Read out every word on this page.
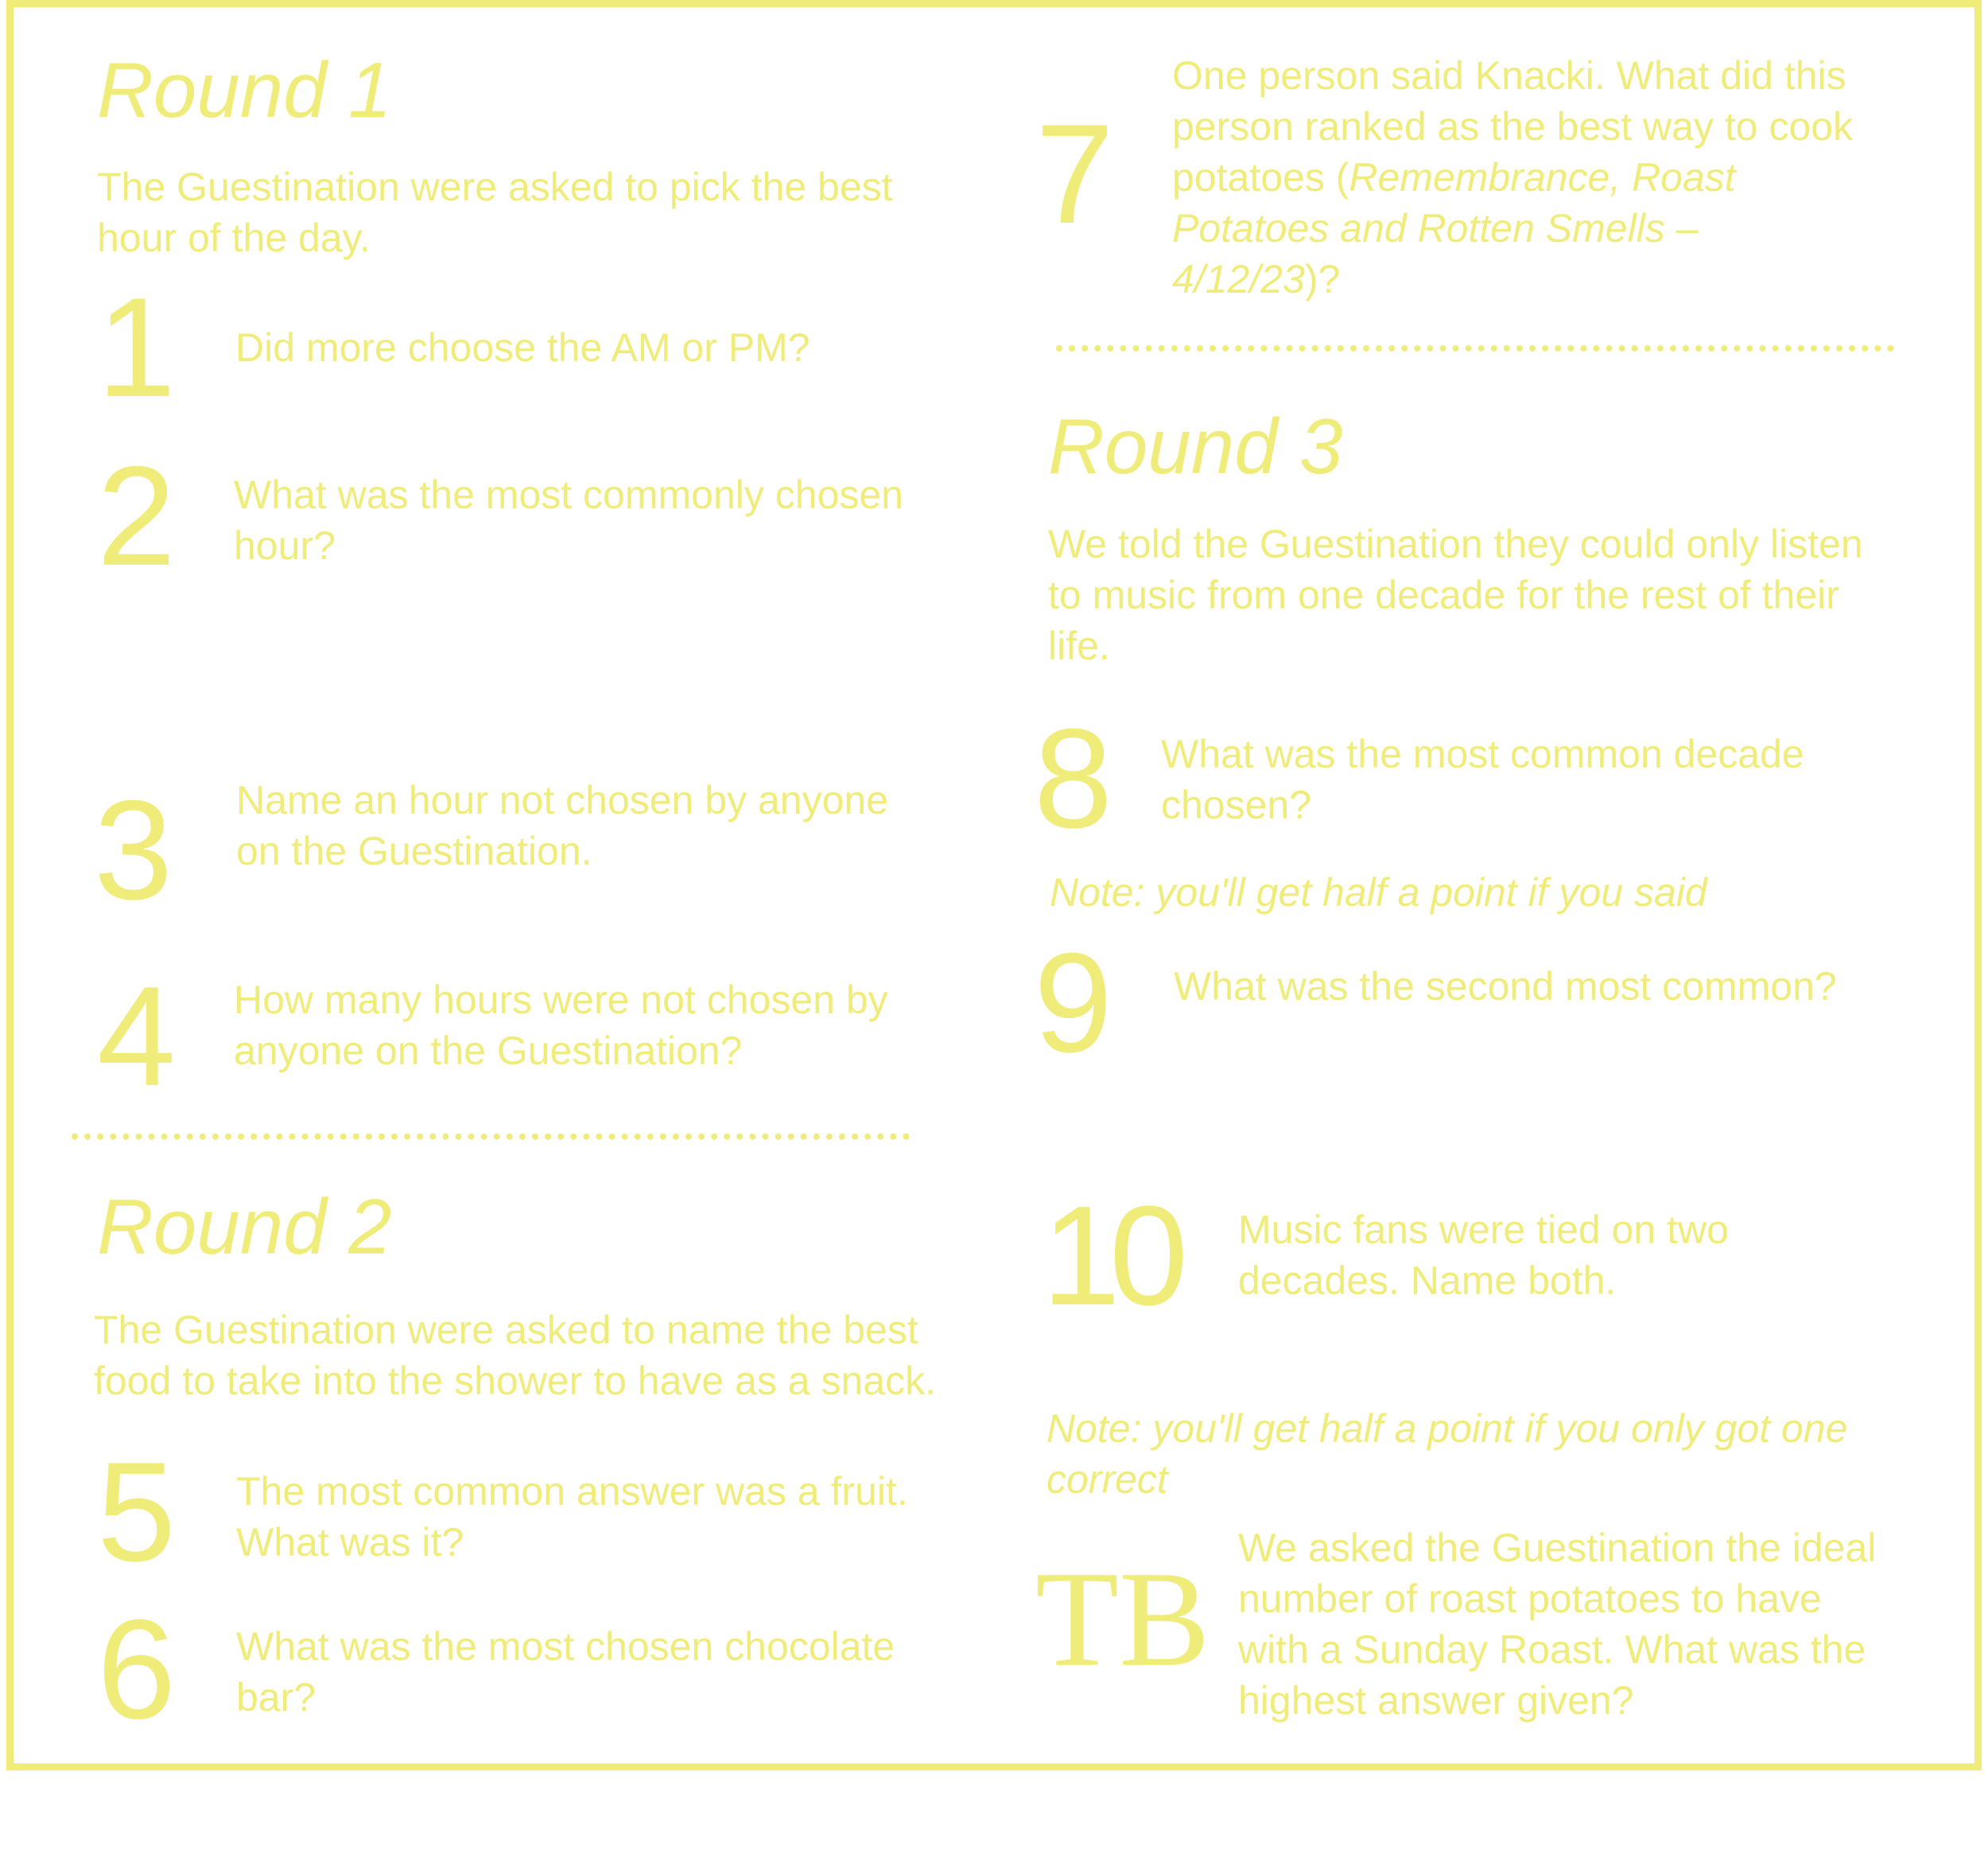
Round 1
The Guestination were asked to pick the best hour of the day.
1 Did more choose the AM or PM?
2 What was the most commonly chosen hour?
3 Name an hour not chosen by anyone on the Guestination.
4 How many hours were not chosen by anyone on the Guestination?
Round 2
The Guestination were asked to name the best food to take into the shower to have as a snack.
5 The most common answer was a fruit. What was it?
6 What was the most chosen chocolate bar?
7
One person said Knacki. What did this person ranked as the best way to cook potatoes (Remembrance, Roast Potatoes and Rotten Smells – 4/12/23)?
Round 3
We told the Guestination they could only listen to music from one decade for the rest of their life.
8 What was the most common decade chosen?
Note: you'll get half a point if you said
9 What was the second most common?
10 Music fans were tied on two decades. Name both.
Note: you'll get half a point if you only got one correct
TB We asked the Guestination the ideal number of roast potatoes to have with a Sunday Roast. What was the highest answer given?
